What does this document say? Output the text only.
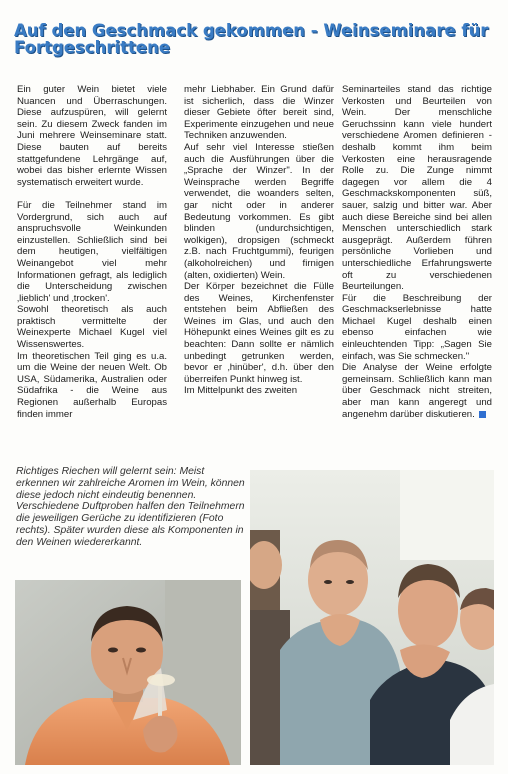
Auf den Geschmack gekommen - Weinseminare für Fortgeschrittene

Ein guter Wein bietet viele Nuancen und Überraschungen. Diese aufzuspüren, will gelernt sein. Zu diesem Zweck fanden im Juni mehrere Weinseminare statt. Diese bauten auf bereits stattgefundene Lehrgänge auf, wobei das bisher erlernte Wissen systematisch erweitert wurde.

Für die Teilnehmer stand im Vordergrund, sich auch auf anspruchsvolle Weinkunden einzustellen. Schließlich sind bei dem heutigen, vielfältigen Weinangebot viel mehr Informationen gefragt, als lediglich die Unterscheidung zwischen ‚lieblich' und ‚trocken'.

Sowohl theoretisch als auch praktisch vermittelte der Weinexperte Michael Kugel viel Wissenswertes.

Im theoretischen Teil ging es u.a. um die Weine der neuen Welt. Ob USA, Südamerika, Australien oder Südafrika - die Weine aus Regionen außerhalb Europas finden immer

mehr Liebhaber. Ein Grund dafür ist sicherlich, dass die Winzer dieser Gebiete öfter bereit sind, Experimente einzugehen und neue Techniken anzuwenden.

Auf sehr viel Interesse stießen auch die Ausführungen über die „Sprache der Winzer". In der Weinsprache werden Begriffe verwendet, die woanders selten, gar nicht oder in anderer Bedeutung vorkommen. Es gibt blinden (undurchsichtigen, wolkigen), dropsigen (schmeckt z.B. nach Fruchtgummi), feurigen (alkoholreichen) und firnigen (alten, oxidierten) Wein.

Der Körper bezeichnet die Fülle des Weines, Kirchenfenster entstehen beim Abfließen des Weines im Glas, und auch den Höhepunkt eines Weines gilt es zu beachten: Dann sollte er nämlich unbedingt getrunken werden, bevor er ‚hinüber', d.h. über den überreifen Punkt hinweg ist.

Im Mittelpunkt des zweiten

Seminarteiles stand das richtige Verkosten und Beurteilen von Wein. Der menschliche Geruchssinn kann viele hundert verschiedene Aromen definieren - deshalb kommt ihm beim Verkosten eine herausragende Rolle zu. Die Zunge nimmt dagegen vor allem die 4 Geschmackskomponenten süß, sauer, salzig und bitter war. Aber auch diese Bereiche sind bei allen Menschen unterschiedlich stark ausgeprägt. Außerdem führen persönliche Vorlieben und unterschiedliche Erfahrungswerte oft zu verschiedenen Beurteilungen.

Für die Beschreibung der Geschmackserlebnisse hatte Michael Kugel deshalb einen ebenso einfachen wie einleuchtenden Tipp: „Sagen Sie einfach, was Sie schmecken."

Die Analyse der Weine erfolgte gemeinsam. Schließlich kann man über Geschmack nicht streiten, aber man kann angeregt und angenehm darüber diskutieren.

Richtiges Riechen will gelernt sein: Meist erkennen wir zahlreiche Aromen im Wein, können diese jedoch nicht eindeutig benennen. Verschiedene Duftproben halfen den Teilnehmern die jeweiligen Gerüche zu identifizieren (Foto rechts). Später wurden diese als Komponenten in den Weinen wiedererkannt.
